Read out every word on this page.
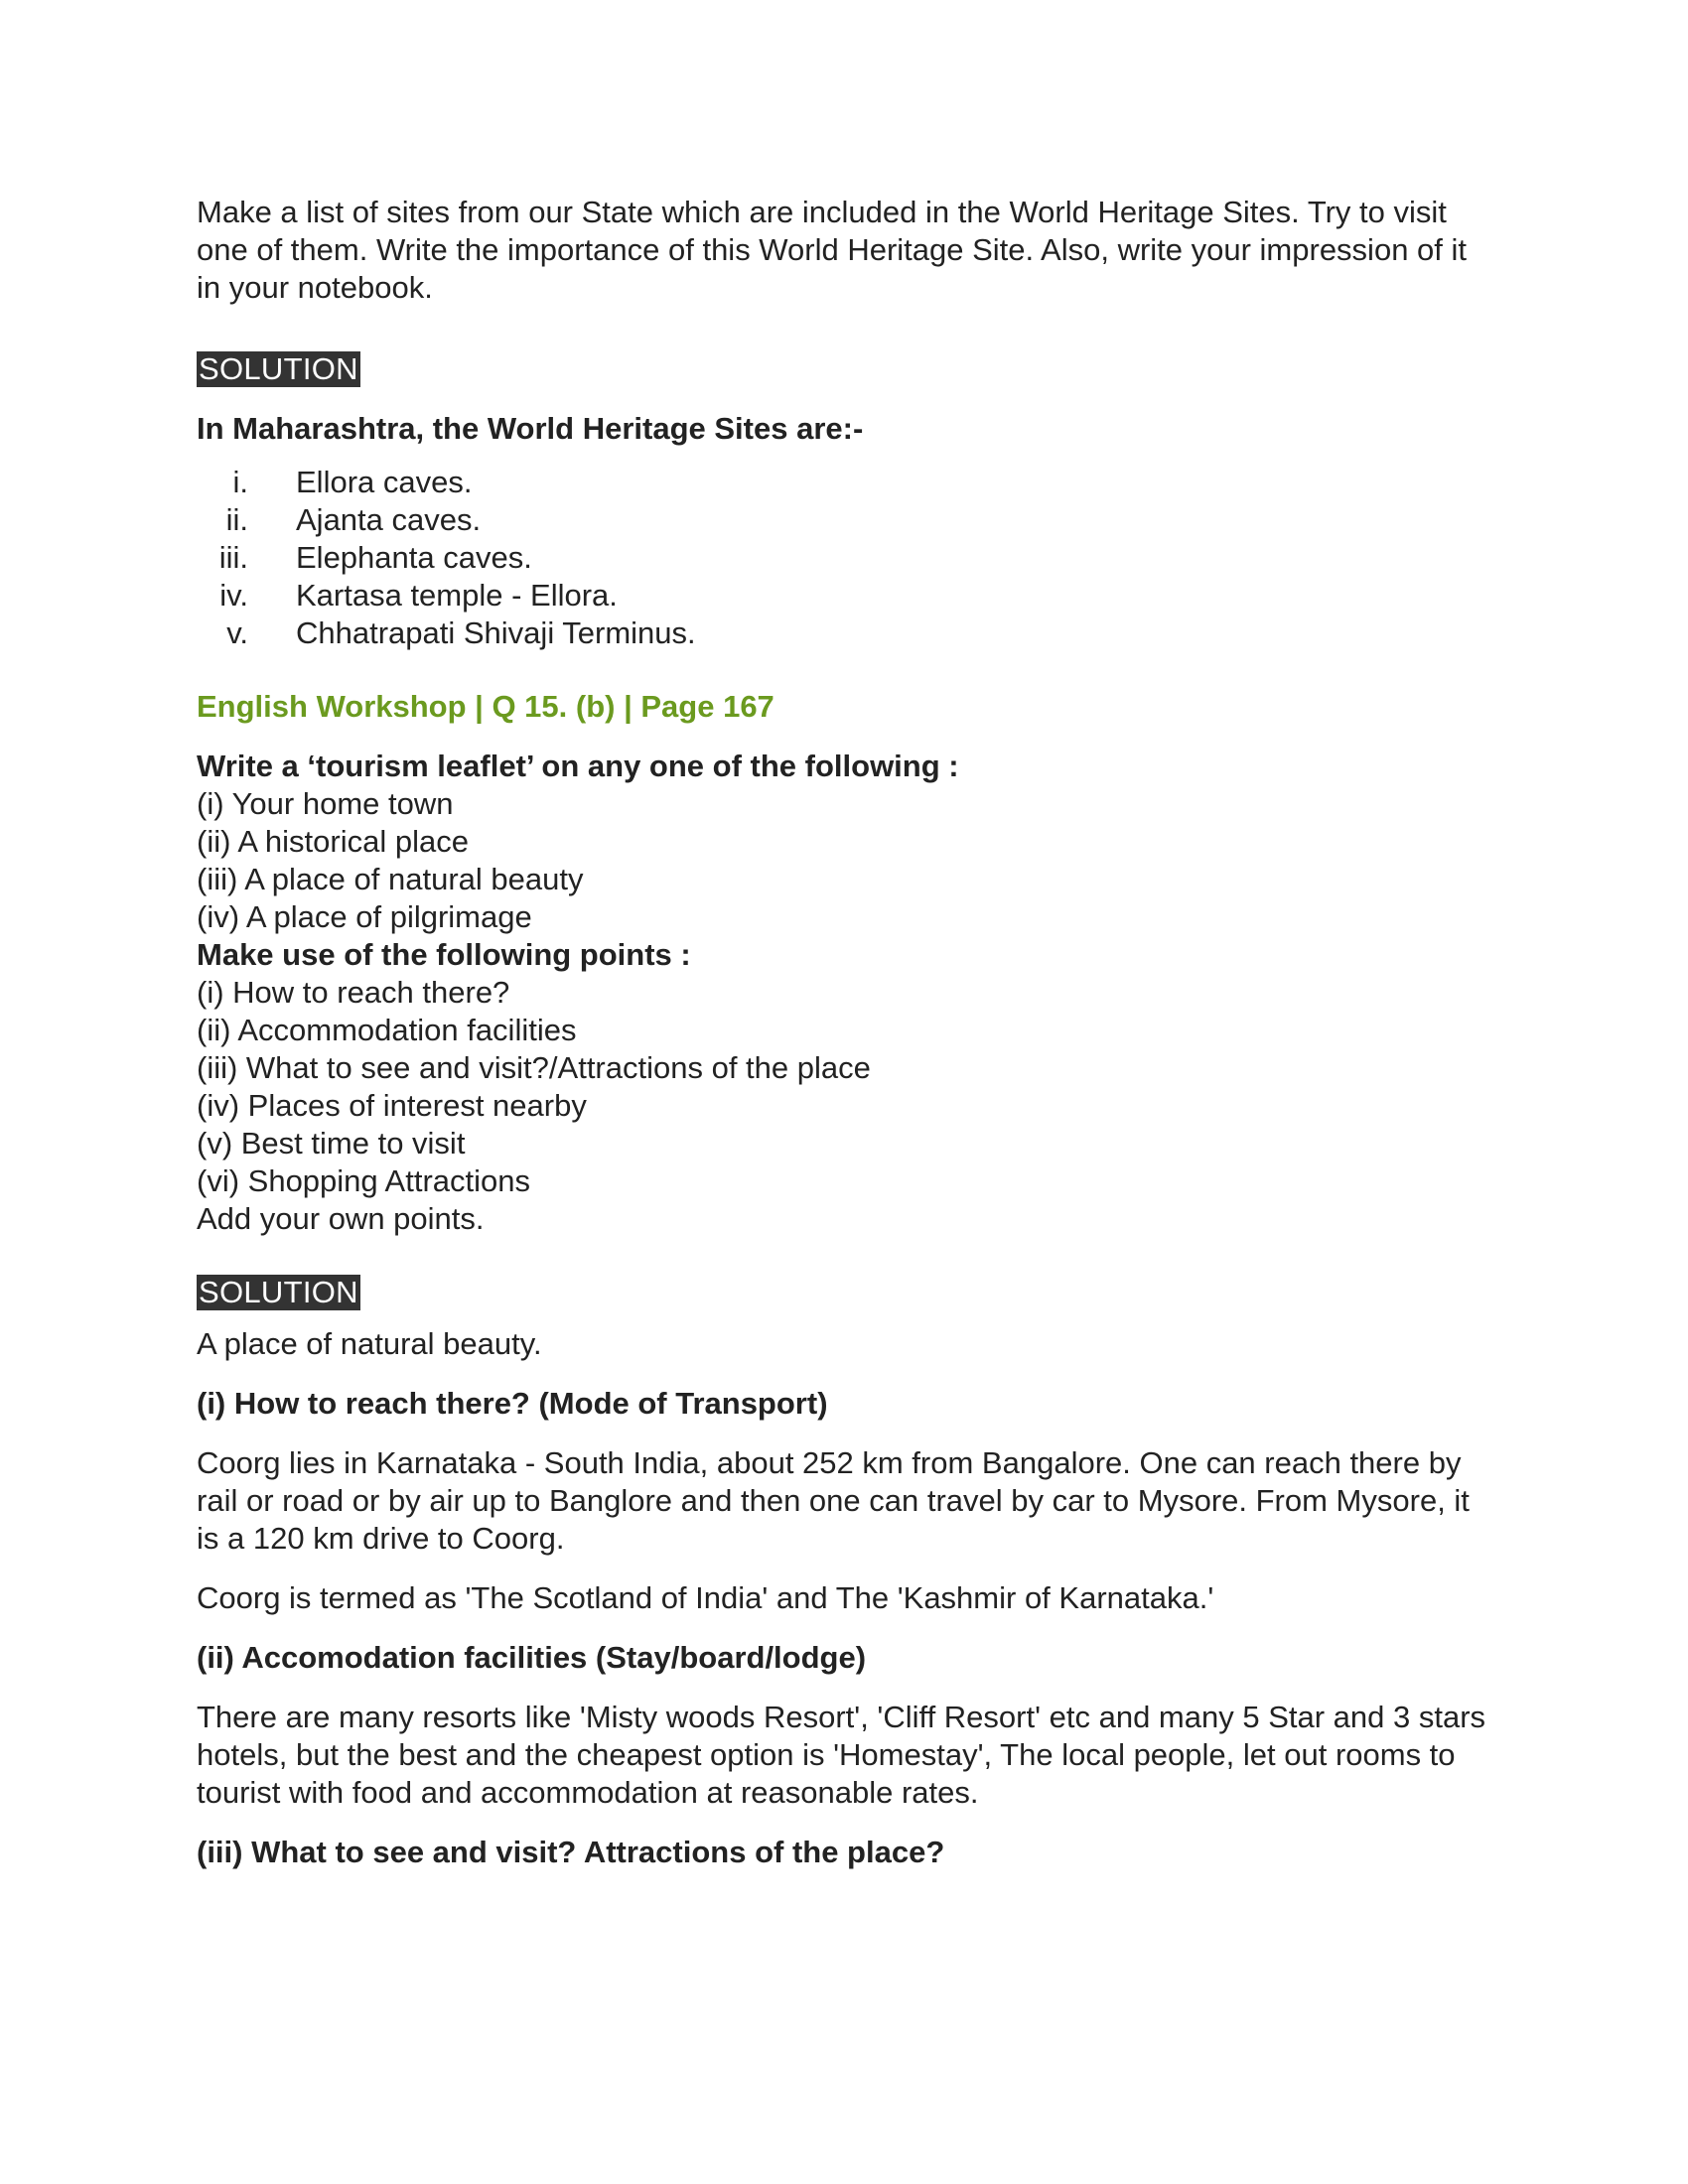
Make a list of sites from our State which are included in the World Heritage Sites. Try to visit one of them. Write the importance of this World Heritage Site. Also, write your impression of it in your notebook.

SOLUTION

In Maharashtra, the World Heritage Sites are:-

i. Ellora caves.
ii. Ajanta caves.
iii. Elephanta caves.
iv. Kartasa temple - Ellora.
v. Chhatrapati Shivaji Terminus.

English Workshop | Q 15. (b) | Page 167

Write a ‘tourism leaflet’ on any one of the following :

(i) Your home town

(ii) A historical place

(iii) A place of natural beauty

(iv) A place of pilgrimage

Make use of the following points :

(i) How to reach there?

(ii) Accommodation facilities

(iii) What to see and visit?/Attractions of the place

(iv) Places of interest nearby

(v) Best time to visit

(vi) Shopping Attractions

Add your own points.

SOLUTION

A place of natural beauty.

(i) How to reach there? (Mode of Transport)

Coorg lies in Karnataka - South India, about 252 km from Bangalore. One can reach there by rail or road or by air up to Banglore and then one can travel by car to Mysore. From Mysore, it is a 120 km drive to Coorg.

Coorg is termed as 'The Scotland of India' and The 'Kashmir of Karnataka.'

(ii) Accomodation facilities (Stay/board/lodge)

There are many resorts like 'Misty woods Resort', 'Cliff Resort' etc and many 5 Star and 3 stars hotels, but the best and the cheapest option is 'Homestay', The local people, let out rooms to tourist with food and accommodation at reasonable rates.

(iii) What to see and visit? Attractions of the place?
